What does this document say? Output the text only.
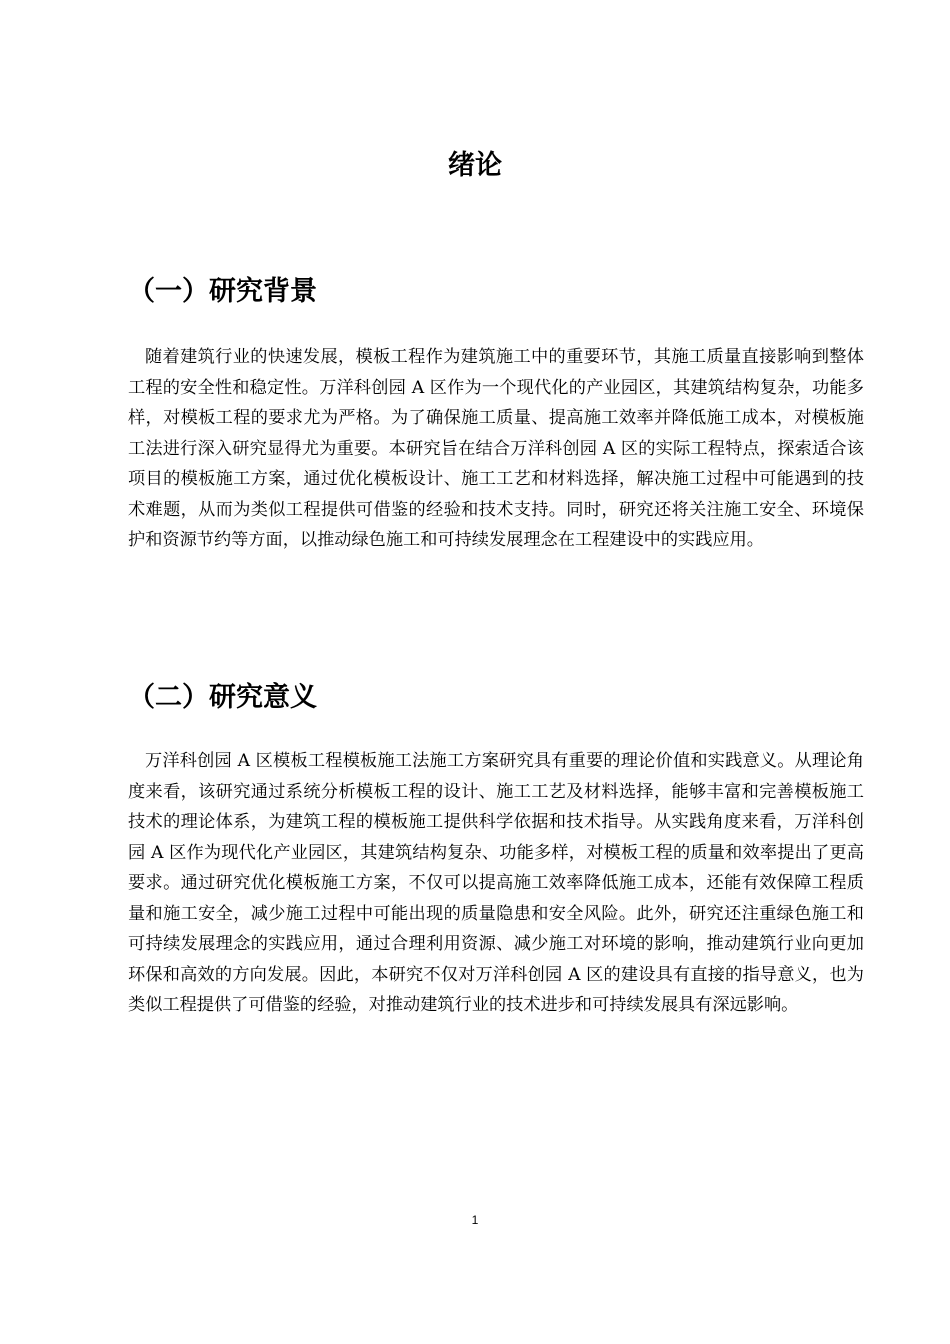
绪论
（一）研究背景

随着建筑行业的快速发展，模板工程作为建筑施工中的重要环节，其施工质量直接影响到整体工程的安全性和稳定性。万洋科创园 A 区作为一个现代化的产业园区，其建筑结构复杂，功能多样，对模板工程的要求尤为严格。为了确保施工质量、提高施工效率并降低施工成本，对模板施工法进行深入研究显得尤为重要。本研究旨在结合万洋科创园 A 区的实际工程特点，探索适合该项目的模板施工方案，通过优化模板设计、施工工艺和材料选择，解决施工过程中可能遇到的技术难题，从而为类似工程提供可借鉴的经验和技术支持。同时，研究还将关注施工安全、环境保护和资源节约等方面，以推动绿色施工和可持续发展理念在工程建设中的实践应用。

（二）研究意义

万洋科创园 A 区模板工程模板施工法施工方案研究具有重要的理论价值和实践意义。从理论角度来看，该研究通过系统分析模板工程的设计、施工工艺及材料选择，能够丰富和完善模板施工技术的理论体系，为建筑工程的模板施工提供科学依据和技术指导。从实践角度来看，万洋科创园 A 区作为现代化产业园区，其建筑结构复杂、功能多样，对模板工程的质量和效率提出了更高要求。通过研究优化模板施工方案，不仅可以提高施工效率降低施工成本，还能有效保障工程质量和施工安全，减少施工过程中可能出现的质量隐患和安全风险。此外，研究还注重绿色施工和可持续发展理念的实践应用，通过合理利用资源、减少施工对环境的影响，推动建筑行业向更加环保和高效的方向发展。因此，本研究不仅对万洋科创园 A 区的建设具有直接的指导意义，也为类似工程提供了可借鉴的经验，对推动建筑行业的技术进步和可持续发展具有深远影响。

1
